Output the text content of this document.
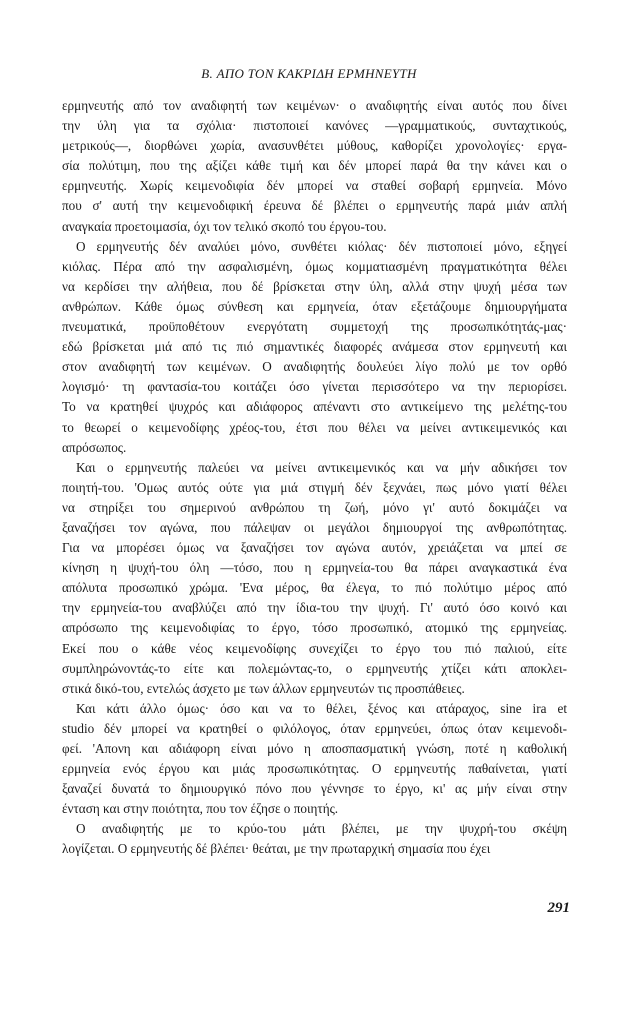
B. ΑΠΟ ΤΟΝ ΚΑΚΡΙΔΗ ΕΡΜΗΝΕΥΤΗ
ερμηνευτής από τον αναδιφητή των κειμένων· ο αναδιφητής είναι αυτός που δίνει
την ύλη για τα σχόλια· πιστοποιεί κανόνες —γραμματικούς, συνταχτικούς,
μετρικούς—, διορθώνει χωρία, ανασυνθέτει μύθους, καθορίζει χρονολογίες· εργα-
σία πολύτιμη, που της αξίζει κάθε τιμή και δέν μπορεί παρά θα την κάνει και ο
ερμηνευτής. Χωρίς κειμενοδιφία δέν μπορεί να σταθεί σοβαρή ερμηνεία. Μόνο
που σ' αυτή την κειμενοδιφική έρευνα δέ βλέπει ο ερμηνευτής παρά μιάν απλή
αναγκαία προετοιμασία, όχι τον τελικό σκοπό του έργου-του.
Ο ερμηνευτής δέν αναλύει μόνο, συνθέτει κιόλας· δέν πιστοποιεί μόνο, εξηγεί
κιόλας. Πέρα από την ασφαλισμένη, όμως κομματιασμένη πραγματικότητα θέλει
να κερδίσει την αλήθεια, που δέ βρίσκεται στην ύλη, αλλά στην ψυχή μέσα των
ανθρώπων. Κάθε όμως σύνθεση και ερμηνεία, όταν εξετάζουμε δημιουργήματα
πνευματικά, προϋποθέτουν ενεργότατη συμμετοχή της προσωπικότητάς-μας·
εδώ βρίσκεται μιά από τις πιό σημαντικές διαφορές ανάμεσα στον ερμηνευτή και
στον αναδιφητή των κειμένων. Ο αναδιφητής δουλεύει λίγο πολύ με τον ορθό
λογισμό· τη φαντασία-του κοιτάζει όσο γίνεται περισσότερο να την περιορίσει.
Το να κρατηθεί ψυχρός και αδιάφορος απέναντι στο αντικείμενο της μελέτης-του
το θεωρεί ο κειμενοδίφης χρέος-του, έτσι που θέλει να μείνει αντικειμενικός και
απρόσωπος.
Και ο ερμηνευτής παλεύει να μείνει αντικειμενικός και να μήν αδικήσει τον
ποιητή-του. 'Ομως αυτός ούτε για μιά στιγμή δέν ξεχνάει, πως μόνο γιατί θέλει
να στηρίξει του σημερινού ανθρώπου τη ζωή, μόνο γι' αυτό δοκιμάζει να
ξαναζήσει τον αγώνα, που πάλεψαν οι μεγάλοι δημιουργοί της ανθρωπότητας.
Για να μπορέσει όμως να ξαναζήσει τον αγώνα αυτόν, χρειάζεται να μπεί σε
κίνηση η ψυχή-του όλη —τόσο, που η ερμηνεία-του θα πάρει αναγκαστικά ένα
απόλυτα προσωπικό χρώμα. 'Ενα μέρος, θα έλεγα, το πιό πολύτιμο μέρος από
την ερμηνεία-του αναβλύζει από την ίδια-του την ψυχή. Γι' αυτό όσο κοινό και
απρόσωπο της κειμενοδιφίας το έργο, τόσο προσωπικό, ατομικό της ερμηνείας.
Εκεί που ο κάθε νέος κειμενοδίφης συνεχίζει το έργο του πιό παλιού, είτε
συμπληρώνοντάς-το είτε και πολεμώντας-το, ο ερμηνευτής χτίζει κάτι αποκλει-
στικά δικό-του, εντελώς άσχετο με των άλλων ερμηνευτών τις προσπάθειες.
Και κάτι άλλο όμως· όσο και να το θέλει, ξένος και ατάραχος, sine ira et
studio δέν μπορεί να κρατηθεί ο φιλόλογος, όταν ερμηνεύει, όπως όταν κειμενοδι-
φεί. 'Απονη και αδιάφορη είναι μόνο η αποσπασματική γνώση, ποτέ η καθολική
ερμηνεία ενός έργου και μιάς προσωπικότητας. Ο ερμηνευτής παθαίνεται, γιατί
ξαναζεί δυνατά το δημιουργικό πόνο που γέννησε το έργο, κι' ας μήν είναι στην
ένταση και στην ποιότητα, που τον έζησε ο ποιητής.
Ο αναδιφητής με το κρύο-του μάτι βλέπει, με την ψυχρή-του σκέψη
λογίζεται. Ο ερμηνευτής δέ βλέπει· θεάται, με την πρωταρχική σημασία που έχει
291
